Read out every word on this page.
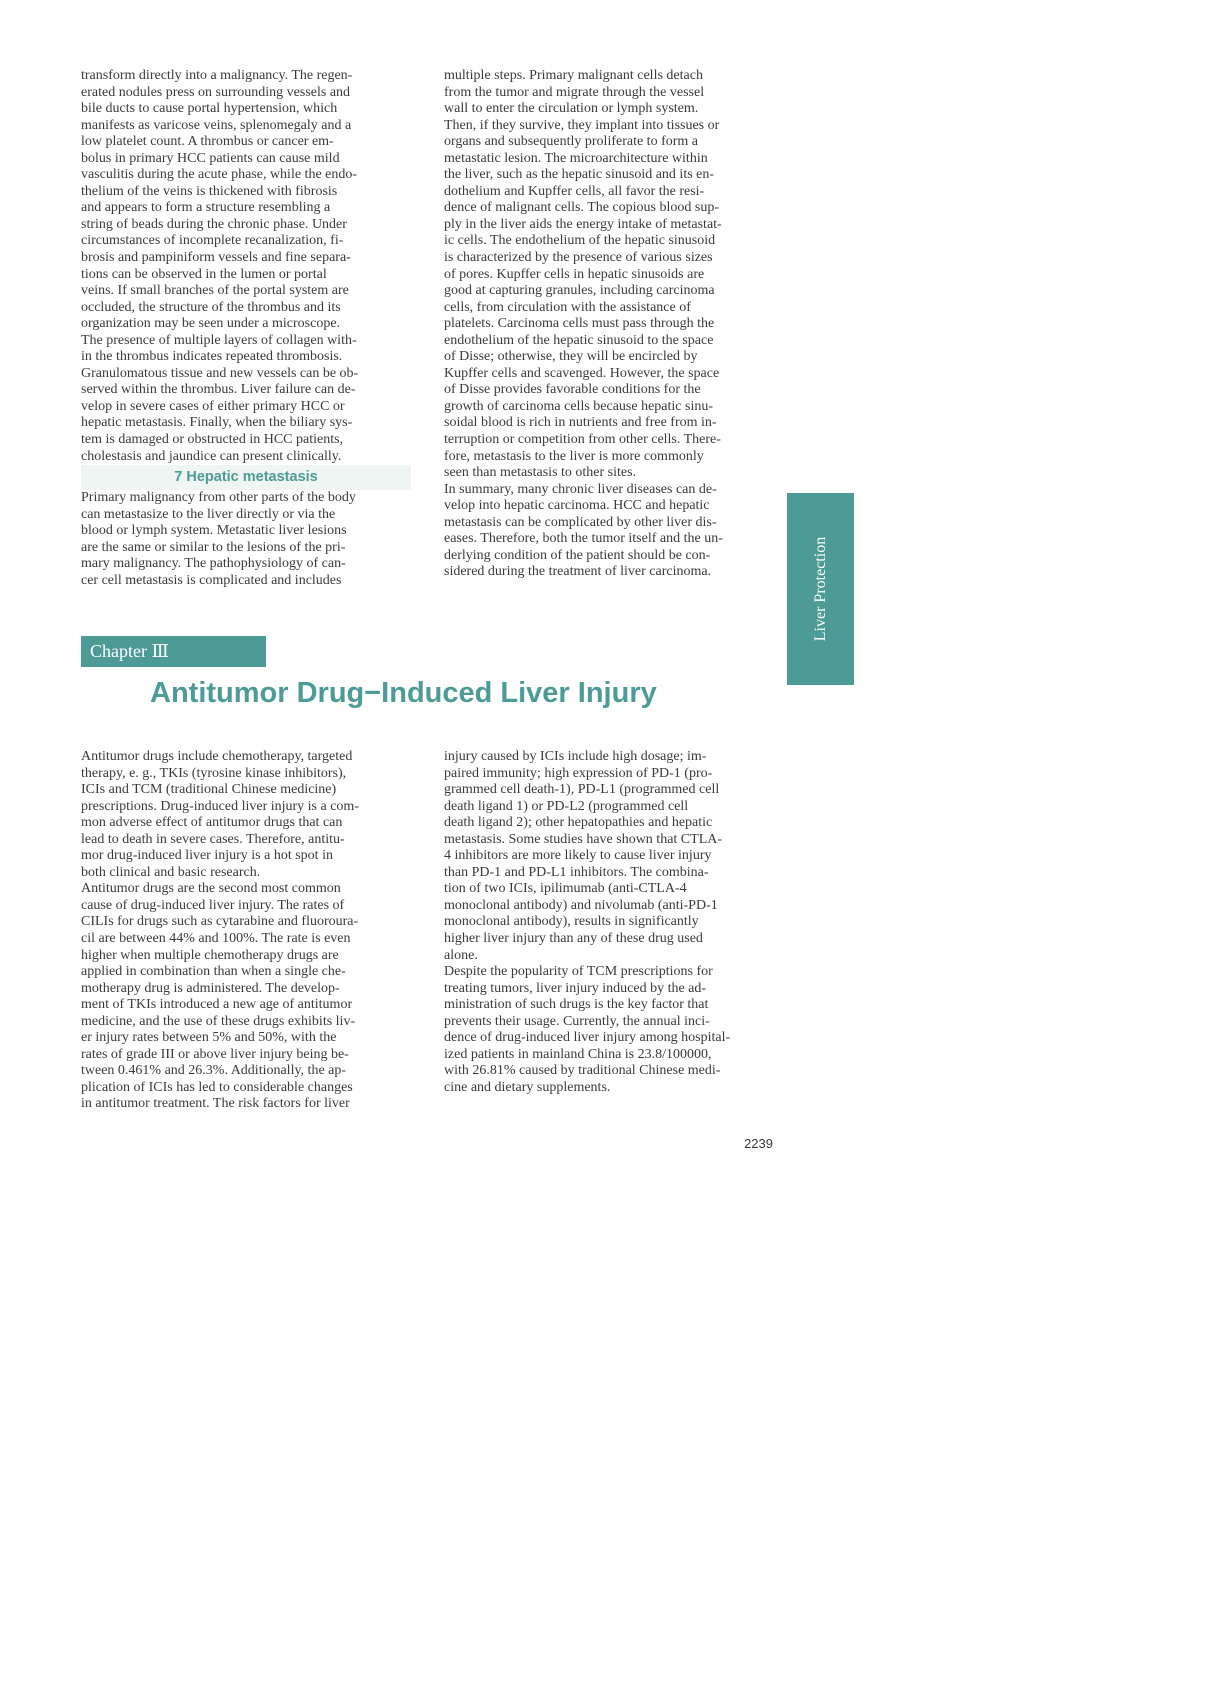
transform directly into a malignancy. The regen-
erated nodules press on surrounding vessels and
bile ducts to cause portal hypertension, which
manifests as varicose veins, splenomegaly and a
low platelet count. A thrombus or cancer em-
bolus in primary HCC patients can cause mild
vasculitis during the acute phase, while the endo-
thelium of the veins is thickened with fibrosis
and appears to form a structure resembling a
string of beads during the chronic phase. Under
circumstances of incomplete recanalization, fi-
brosis and pampiniform vessels and fine separa-
tions can be observed in the lumen or portal
veins. If small branches of the portal system are
occluded, the structure of the thrombus and its
organization may be seen under a microscope.
The presence of multiple layers of collagen with-
in the thrombus indicates repeated thrombosis.
Granulomatous tissue and new vessels can be ob-
served within the thrombus. Liver failure can de-
velop in severe cases of either primary HCC or
hepatic metastasis. Finally, when the biliary sys-
tem is damaged or obstructed in HCC patients,
cholestasis and jaundice can present clinically.

7 Hepatic metastasis

Primary malignancy from other parts of the body
can metastasize to the liver directly or via the
blood or lymph system. Metastatic liver lesions
are the same or similar to the lesions of the pri-
mary malignancy. The pathophysiology of can-
cer cell metastasis is complicated and includes

multiple steps. Primary malignant cells detach
from the tumor and migrate through the vessel
wall to enter the circulation or lymph system.
Then, if they survive, they implant into tissues or
organs and subsequently proliferate to form a
metastatic lesion. The microarchitecture within
the liver, such as the hepatic sinusoid and its en-
dothelium and Kupffer cells, all favor the resi-
dence of malignant cells. The copious blood sup-
ply in the liver aids the energy intake of metastat-
ic cells. The endothelium of the hepatic sinusoid
is characterized by the presence of various sizes
of pores. Kupffer cells in hepatic sinusoids are
good at capturing granules, including carcinoma
cells, from circulation with the assistance of
platelets. Carcinoma cells must pass through the
endothelium of the hepatic sinusoid to the space
of Disse; otherwise, they will be encircled by
Kupffer cells and scavenged. However, the space
of Disse provides favorable conditions for the
growth of carcinoma cells because hepatic sinu-
soidal blood is rich in nutrients and free from in-
terruption or competition from other cells. There-
fore, metastasis to the liver is more commonly
seen than metastasis to other sites.

In summary, many chronic liver diseases can de-
velop into hepatic carcinoma. HCC and hepatic
metastasis can be complicated by other liver dis-
eases. Therefore, both the tumor itself and the un-
derlying condition of the patient should be con-
sidered during the treatment of liver carcinoma.	Liver Protection
Chapter Ⅲ
Antitumor Drug−Induced Liver Injury

Antitumor drugs include chemotherapy, targeted
therapy, e. g., TKIs (tyrosine kinase inhibitors),
ICIs and TCM (traditional Chinese medicine)
prescriptions. Drug-induced liver injury is a com-
mon adverse effect of antitumor drugs that can
lead to death in severe cases. Therefore, antitu-
mor drug-induced liver injury is a hot spot in
both clinical and basic research.

Antitumor drugs are the second most common
cause of drug-induced liver injury. The rates of
CILIs for drugs such as cytarabine and fluoroura-
cil are between 44% and 100%. The rate is even
higher when multiple chemotherapy drugs are
applied in combination than when a single che-
motherapy drug is administered. The develop-
ment of TKIs introduced a new age of antitumor
medicine, and the use of these drugs exhibits liv-
er injury rates between 5% and 50%, with the
rates of grade III or above liver injury being be-
tween 0.461% and 26.3%. Additionally, the ap-
plication of ICIs has led to considerable changes
in antitumor treatment. The risk factors for liver

injury caused by ICIs include high dosage; im-
paired immunity; high expression of PD-1 (pro-
grammed cell death-1), PD-L1 (programmed cell
death ligand 1) or PD-L2 (programmed cell
death ligand 2); other hepatopathies and hepatic
metastasis. Some studies have shown that CTLA-
4 inhibitors are more likely to cause liver injury
than PD-1 and PD-L1 inhibitors. The combina-
tion of two ICIs, ipilimumab (anti-CTLA-4
monoclonal antibody) and nivolumab (anti-PD-1
monoclonal antibody), results in significantly
higher liver injury than any of these drug used
alone.

Despite the popularity of TCM prescriptions for
treating tumors, liver injury induced by the ad-
ministration of such drugs is the key factor that
prevents their usage. Currently, the annual inci-
dence of drug-induced liver injury among hospital-
ized patients in mainland China is 23.8/100000,
with 26.81% caused by traditional Chinese medi-
cine and dietary supplements.

2239
